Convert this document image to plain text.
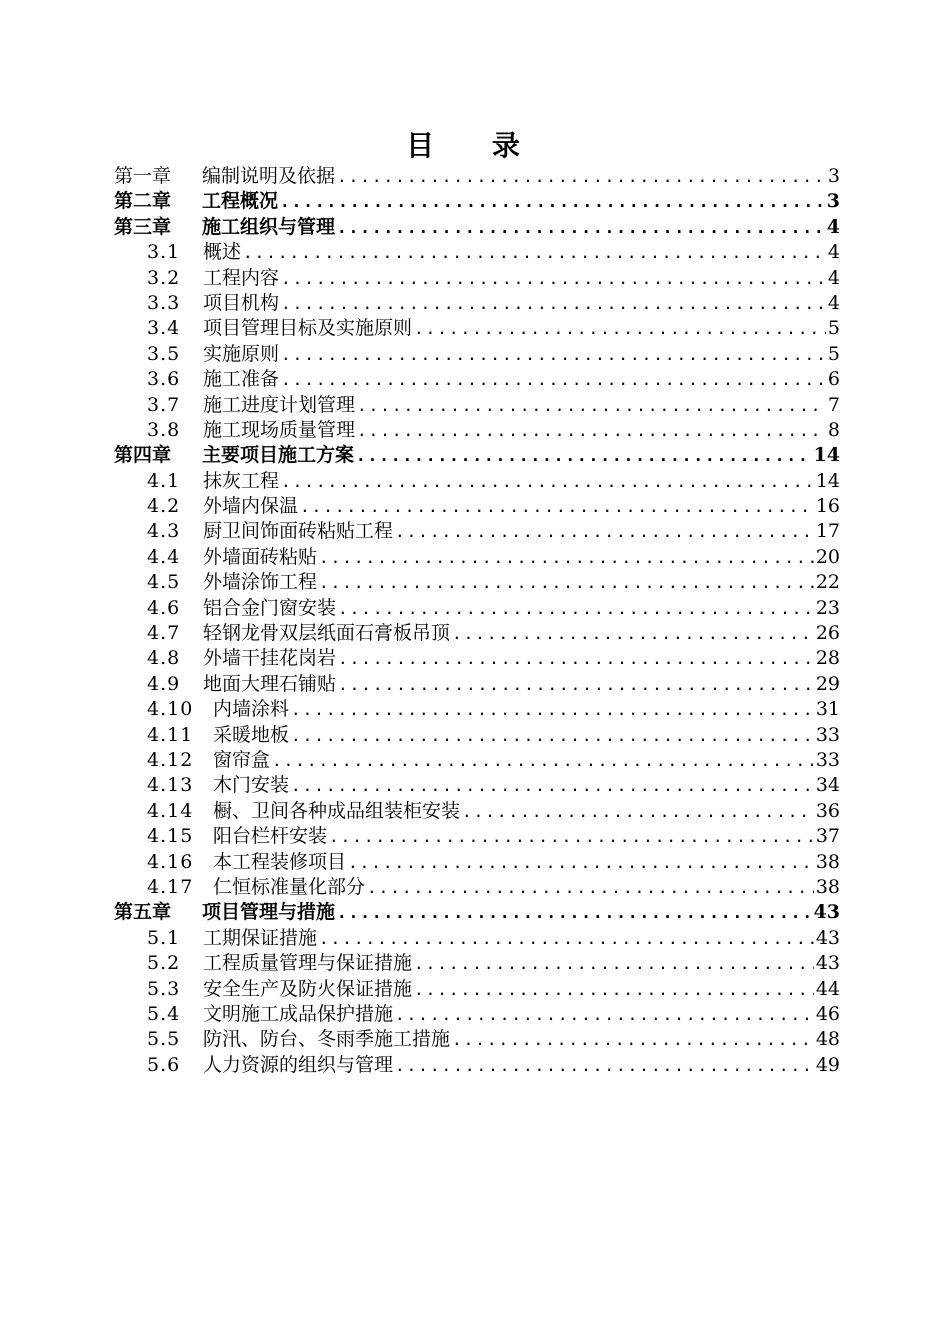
目 录
第一章	编制说明及依据 .....	3
第二章	工程概况 .....	3
第三章	施工组织与管理 .....	4
3.1	概述 .....	4
3.2	工程内容 .....	4
3.3	项目机构 .....	4
3.4	项目管理目标及实施原则 .....	5
3.5	实施原则 .....	5
3.6	施工准备 .....	6
3.7	施工进度计划管理 .....	7
3.8	施工现场质量管理 .....	8
第四章	主要项目施工方案 .....	14
4.1	抹灰工程 .....	14
4.2	外墙内保温 .....	16
4.3	厨卫间饰面砖粘贴工程 .....	17
4.4	外墙面砖粘贴 .....	20
4.5	外墙涂饰工程 .....	22
4.6	铝合金门窗安装 .....	23
4.7	轻钢龙骨双层纸面石膏板吊顶 .....	26
4.8	外墙干挂花岗岩 .....	28
4.9	地面大理石铺贴 .....	29
4.10	内墙涂料 .....	31
4.11	采暖地板 .....	33
4.12	窗帘盒 .....	33
4.13	木门安装 .....	34
4.14	橱、卫间各种成品组装柜安装 .....	36
4.15	阳台栏杆安装 .....	37
4.16	本工程装修项目 .....	38
4.17	仁恒标准量化部分 .....	38
第五章	项目管理与措施 .....	43
5.1	工期保证措施 .....	43
5.2	工程质量管理与保证措施 .....	43
5.3	安全生产及防火保证措施 .....	44
5.4	文明施工成品保护措施 .....	46
5.5	防汛、防台、冬雨季施工措施 .....	48
5.6	人力资源的组织与管理 .....	49
